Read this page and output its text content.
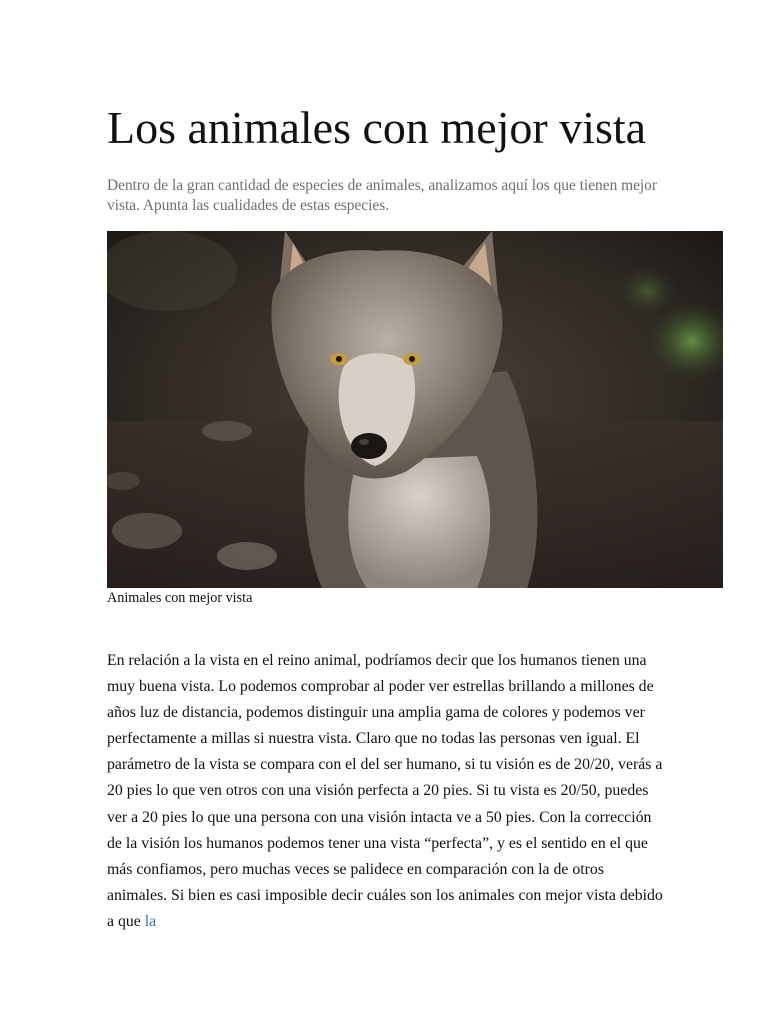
Los animales con mejor vista

Dentro de la gran cantidad de especies de animales, analizamos aquí los que tienen mejor vista. Apunta las cualidades de estas especies.

Animales con mejor vista

En relación a la vista en el reino animal, podríamos decir que los humanos tienen una muy buena vista. Lo podemos comprobar al poder ver estrellas brillando a millones de años luz de distancia, podemos distinguir una amplia gama de colores y podemos ver perfectamente a millas si nuestra vista. Claro que no todas las personas ven igual. El parámetro de la vista se compara con el del ser humano, si tu visión es de 20/20, verás a 20 pies lo que ven otros con una visión perfecta a 20 pies. Si tu vista es 20/50, puedes ver a 20 pies lo que una persona con una visión intacta ve a 50 pies. Con la corrección de la visión los humanos podemos tener una vista “perfecta”, y es el sentido en el que más confiamos, pero muchas veces se palidece en comparación con la de otros animales. Si bien es casi imposible decir cuáles son los animales con mejor vista debido a que la
